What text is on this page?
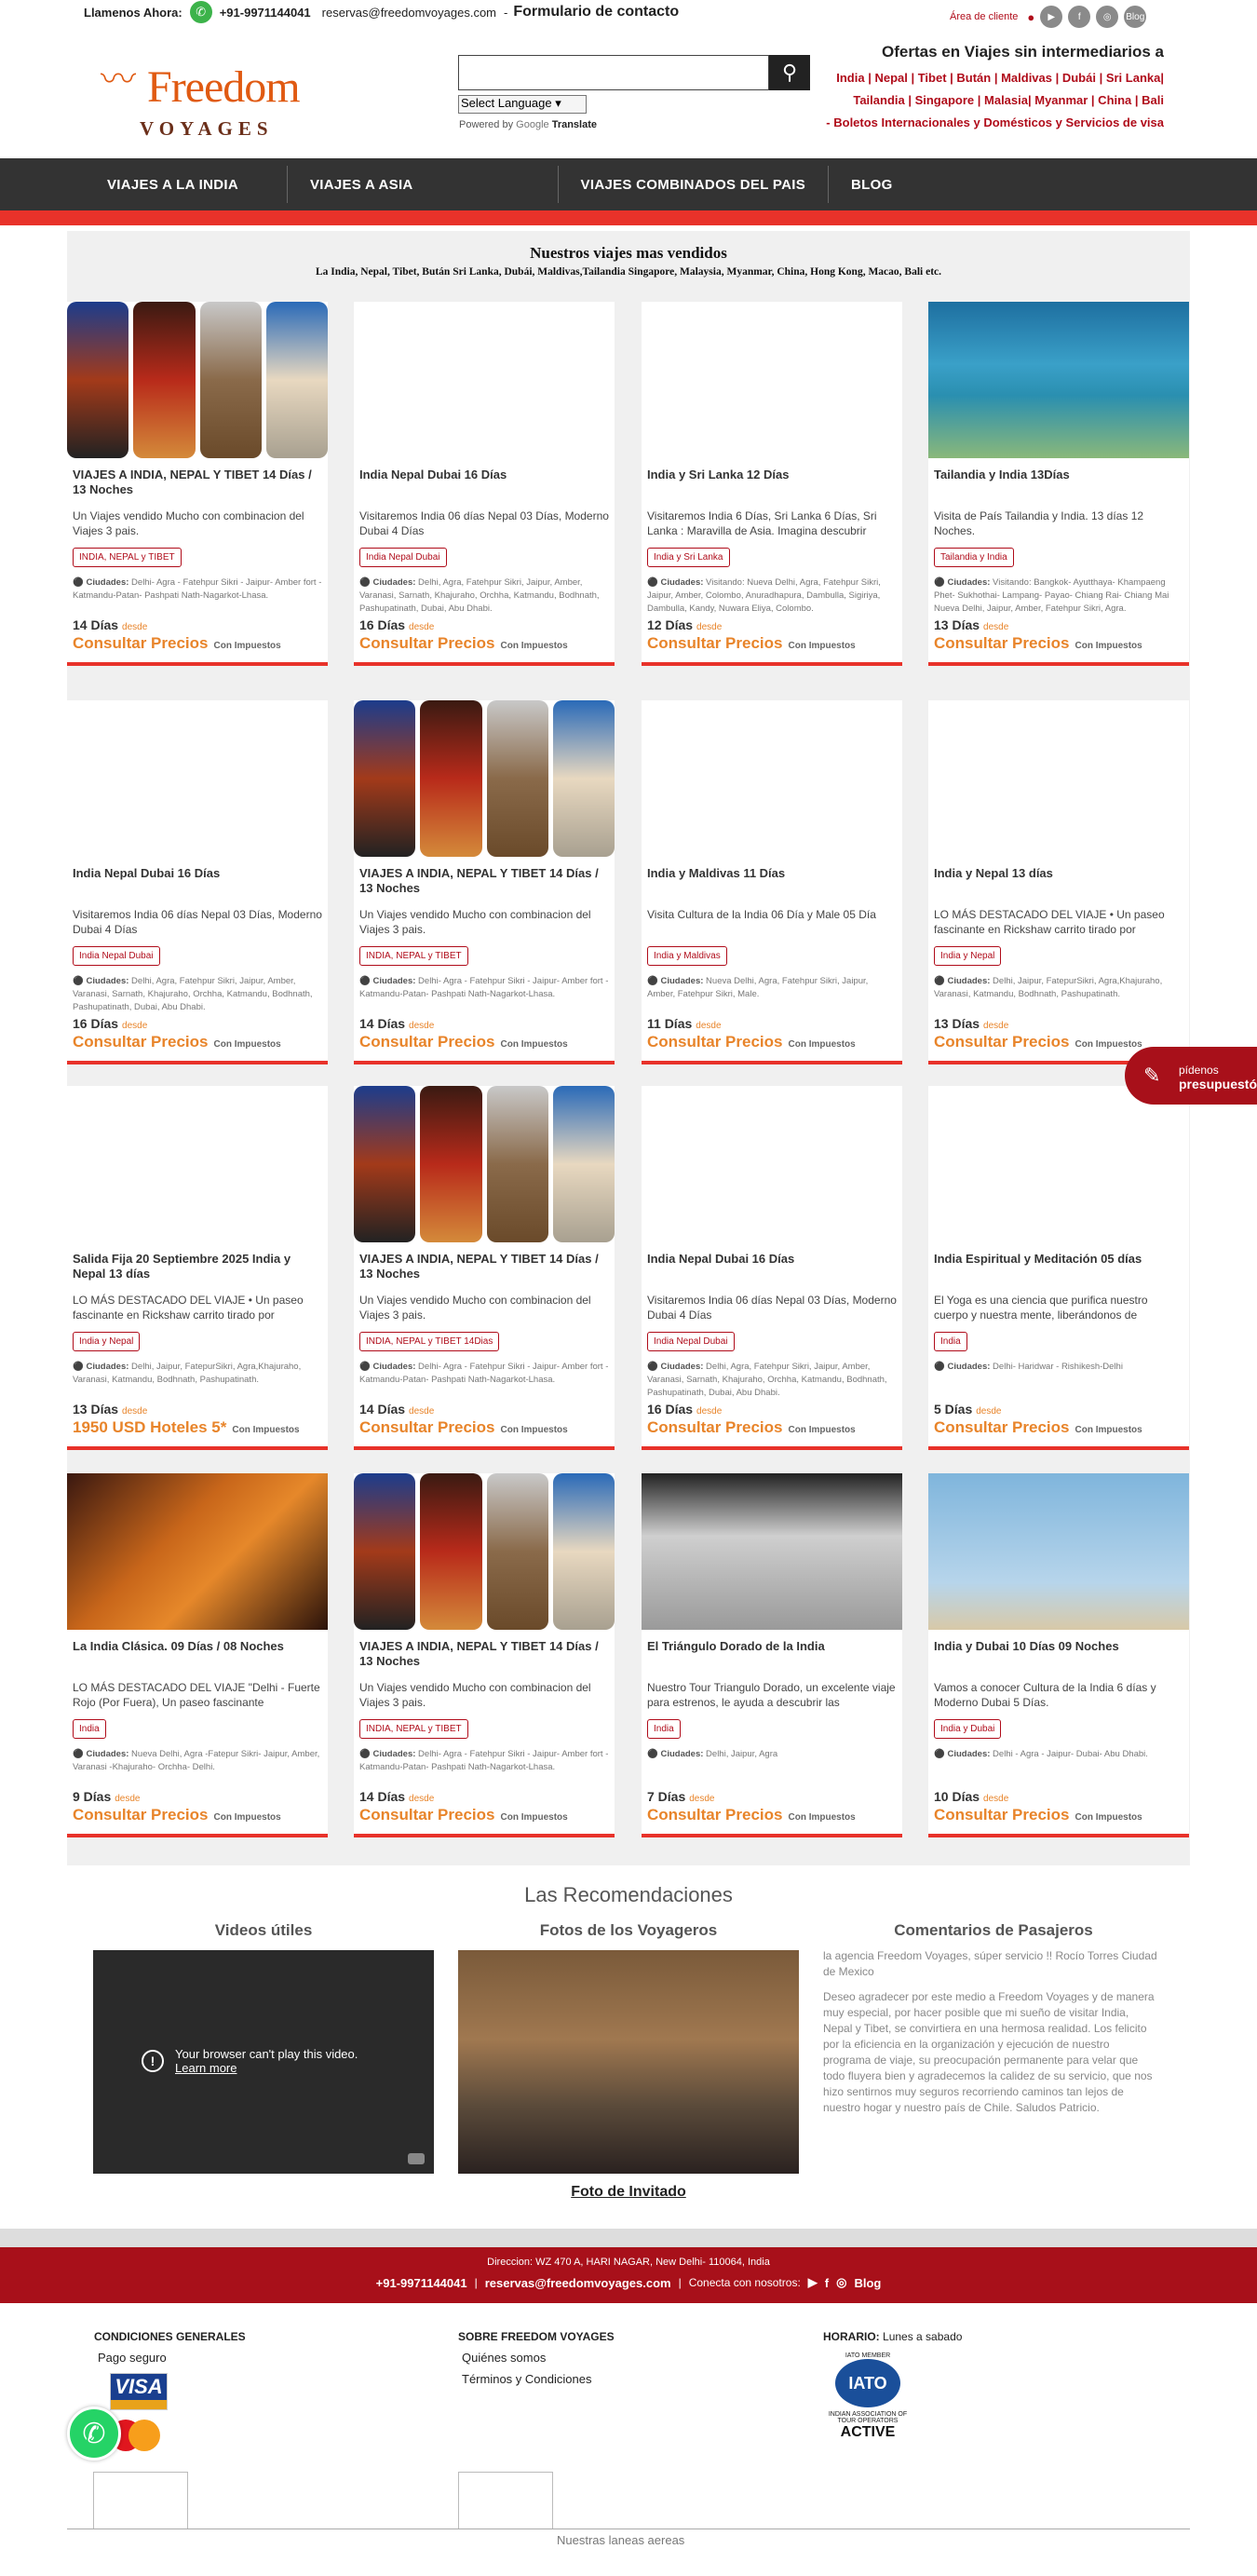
Llamenos Ahora:	✆	+91-9971144041 reservas@freedomvoyages.com - Formulario de contacto	Área de cliente ●	▶	f	◎	Blog
〰 Freedom
VOYAGES
⚲
Select Language ▾
Powered by Google Translate
Ofertas en Viajes sin intermediarios a

India | Nepal | Tibet | Bután | Maldivas | Dubái | Sri Lanka|

Tailandia | Singapore | Malasia| Myanmar | China | Bali

- Boletos Internacionales y Domésticos y Servicios de visa

VIAJES A LA INDIA	VIAJES A ASIA	VIAJES COMBINADOS DEL PAIS	BLOG
Nuestros viajes mas vendidos
La India, Nepal, Tibet, Bután Sri Lanka, Dubái, Maldivas,Tailandia Singapore, Malaysia, Myanmar, China, Hong Kong, Macao, Bali etc.
VIAJES A INDIA, NEPAL Y TIBET 14 Días / 13 Noches
Un Viajes vendido Mucho con combinacion del Viajes 3 pais.
INDIA, NEPAL y TIBET
⚫ Ciudades: Delhi- Agra - Fatehpur Sikri - Jaipur- Amber fort -Katmandu-Patan- Pashpati Nath-Nagarkot-Lhasa.
14 Días desde
Consultar Precios Con Impuestos
India Nepal Dubai 16 Días
Visitaremos India 06 días Nepal 03 Días, Moderno Dubai 4 Días
India Nepal Dubai
⚫ Ciudades: Delhi, Agra, Fatehpur Sikri, Jaipur, Amber, Varanasi, Sarnath, Khajuraho, Orchha, Katmandu, Bodhnath, Pashupatinath, Dubai, Abu Dhabi.
16 Días desde
Consultar Precios Con Impuestos
India y Sri Lanka 12 Días
Visitaremos India 6 Días, Sri Lanka 6 Días, Sri Lanka : Maravilla de Asia. Imagina descubrir
India y Sri Lanka
⚫ Ciudades: Visitando: Nueva Delhi, Agra, Fatehpur Sikri, Jaipur, Amber, Colombo, Anuradhapura, Dambulla, Sigiriya, Dambulla, Kandy, Nuwara Eliya, Colombo.
12 Días desde
Consultar Precios Con Impuestos
Tailandia y India 13Días
Visita de País Tailandia y India. 13 días 12 Noches.
Tailandia y India
⚫ Ciudades: Visitando: Bangkok- Ayutthaya- Khampaeng Phet- Sukhothai- Lampang- Payao- Chiang Rai- Chiang Mai Nueva Delhi, Jaipur, Amber, Fatehpur Sikri, Agra.
13 Días desde
Consultar Precios Con Impuestos
India Nepal Dubai 16 Días
Visitaremos India 06 días Nepal 03 Días, Moderno Dubai 4 Días
India Nepal Dubai
⚫ Ciudades: Delhi, Agra, Fatehpur Sikri, Jaipur, Amber, Varanasi, Sarnath, Khajuraho, Orchha, Katmandu, Bodhnath, Pashupatinath, Dubai, Abu Dhabi.
16 Días desde
Consultar Precios Con Impuestos
VIAJES A INDIA, NEPAL Y TIBET 14 Días / 13 Noches
Un Viajes vendido Mucho con combinacion del Viajes 3 pais.
INDIA, NEPAL y TIBET
⚫ Ciudades: Delhi- Agra - Fatehpur Sikri - Jaipur- Amber fort -Katmandu-Patan- Pashpati Nath-Nagarkot-Lhasa.
14 Días desde
Consultar Precios Con Impuestos
India y Maldivas 11 Días
Visita Cultura de la India 06 Día y Male 05 Día
India y Maldivas
⚫ Ciudades: Nueva Delhi, Agra, Fatehpur Sikri, Jaipur, Amber, Fatehpur Sikri, Male.
11 Días desde
Consultar Precios Con Impuestos
India y Nepal 13 días
LO MÁS DESTACADO DEL VIAJE • Un paseo fascinante en Rickshaw carrito tirado por
India y Nepal
⚫ Ciudades: Delhi, Jaipur, FatepurSikri, Agra,Khajuraho, Varanasi, Katmandu, Bodhnath, Pashupatinath.
13 Días desde
Consultar Precios Con Impuestos
Salida Fija 20 Septiembre 2025 India y Nepal 13 días
LO MÁS DESTACADO DEL VIAJE • Un paseo fascinante en Rickshaw carrito tirado por
India y Nepal
⚫ Ciudades: Delhi, Jaipur, FatepurSikri, Agra,Khajuraho, Varanasi, Katmandu, Bodhnath, Pashupatinath.
13 Días desde
1950 USD Hoteles 5* Con Impuestos
VIAJES A INDIA, NEPAL Y TIBET 14 Días / 13 Noches
Un Viajes vendido Mucho con combinacion del Viajes 3 pais.
INDIA, NEPAL y TIBET 14Dias
⚫ Ciudades: Delhi- Agra - Fatehpur Sikri - Jaipur- Amber fort -Katmandu-Patan- Pashpati Nath-Nagarkot-Lhasa.
14 Días desde
Consultar Precios Con Impuestos
India Nepal Dubai 16 Días
Visitaremos India 06 días Nepal 03 Días, Moderno Dubai 4 Días
India Nepal Dubai
⚫ Ciudades: Delhi, Agra, Fatehpur Sikri, Jaipur, Amber, Varanasi, Sarnath, Khajuraho, Orchha, Katmandu, Bodhnath, Pashupatinath, Dubai, Abu Dhabi.
16 Días desde
Consultar Precios Con Impuestos
India Espiritual y Meditación 05 días
El Yoga es una ciencia que purifica nuestro cuerpo y nuestra mente, liberándonos de
India
⚫ Ciudades: Delhi- Haridwar - Rishikesh-Delhi
5 Días desde
Consultar Precios Con Impuestos
La India Clásica. 09 Días / 08 Noches
LO MÁS DESTACADO DEL VIAJE "Delhi - Fuerte Rojo (Por Fuera), Un paseo fascinante
India
⚫ Ciudades: Nueva Delhi, Agra -Fatepur Sikri- Jaipur, Amber, Varanasi -Khajuraho- Orchha- Delhi.
9 Días desde
Consultar Precios Con Impuestos
VIAJES A INDIA, NEPAL Y TIBET 14 Días / 13 Noches
Un Viajes vendido Mucho con combinacion del Viajes 3 pais.
INDIA, NEPAL y TIBET
⚫ Ciudades: Delhi- Agra - Fatehpur Sikri - Jaipur- Amber fort -Katmandu-Patan- Pashpati Nath-Nagarkot-Lhasa.
14 Días desde
Consultar Precios Con Impuestos
El Triángulo Dorado de la India
Nuestro Tour Triangulo Dorado, un excelente viaje para estrenos, le ayuda a descubrir las
India
⚫ Ciudades: Delhi, Jaipur, Agra
7 Días desde
Consultar Precios Con Impuestos
India y Dubai 10 Días 09 Noches
Vamos a conocer Cultura de la India 6 días y Moderno Dubai 5 Días.
India y Dubai
⚫ Ciudades: Delhi - Agra - Jaipur- Dubai- Abu Dhabi.
10 Días desde
Consultar Precios Con Impuestos
Las Recomendaciones
Videos útiles	Fotos de los Voyageros	Comentarios de Pasajeros
!	Your browser can't play this video.
Learn more
Foto de Invitado

la agencia Freedom Voyages, súper servicio !! Rocío Torres Ciudad de Mexico

Deseo agradecer por este medio a Freedom Voyages y de manera muy especial, por hacer posible que mi sueño de visitar India, Nepal y Tibet, se convirtiera en una hermosa realidad. Los felicito por la eficiencia en la organización y ejecución de nuestro programa de viaje, su preocupación permanente para velar que todo fluyera bien y agradecemos la calidez de su servicio, que nos hizo sentirnos muy seguros recorriendo caminos tan lejos de nuestro hogar y nuestro país de Chile. Saludos Patricio.

Direccion: WZ 470 A, HARI NAGAR, New Delhi- 110064, India
+91-9971144041 | reservas@freedomvoyages.com | Conecta con nosotros: ▶ f ◎ Blog
CONDICIONES GENERALES
Pago seguro
VISA
SOBRE FREEDOM VOYAGES
Quiénes somos
Términos y Condiciones
HORARIO: Lunes a sabado
IATO MEMBER
IATO
INDIAN ASSOCIATION OF TOUR OPERATORS
ACTIVE
Nuestras laneas aereas
✎ pídenos
presupuestó
✆
